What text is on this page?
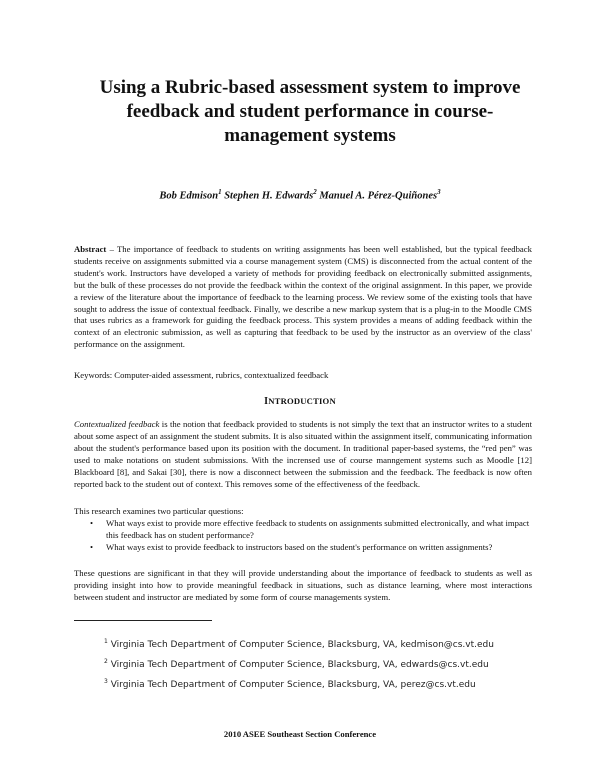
Using a Rubric-based assessment system to improve feedback and student performance in course-management systems
Bob Edmison$^1$ Stephen H. Edwards$^2$ Manuel A. Pérez-Quiñones$^3$
Abstract – The importance of feedback to students on writing assignments has been well established, but the typical feedback students receive on assignments submitted via a course management system (CMS) is disconnected from the actual content of the student's work. Instructors have developed a variety of methods for providing feedback on electronically submitted assignments, but the bulk of these processes do not provide the feedback within the context of the original assignment. In this paper, we provide a review of the literature about the importance of feedback to the learning process. We review some of the existing tools that have sought to address the issue of contextual feedback. Finally, we describe a new markup system that is a plug-in to the Moodle CMS that uses rubrics as a framework for guiding the feedback process. This system provides a means of adding feedback within the context of an electronic submission, as well as capturing that feedback to be used by the instructor as an overview of the class' performance on the assignment.
Keywords: Computer-aided assessment, rubrics, contextualized feedback
INTRODUCTION
Contextualized feedback is the notion that feedback provided to students is not simply the text that an instructor writes to a student about some aspect of an assignment the student submits. It is also situated within the assignment itself, communicating information about the student's performance based upon its position with the document. In traditional paper-based systems, the “red pen” was used to make notations on student submissions. With the incrensed use of course manngement systems such as Moodle [12] Blackboard [8], and Sakai [30], there is now a disconnect between the submission and the feedback. The feedback is now often reported back to the student out of context. This removes some of the effectiveness of the feedback.
This research examines two particular questions:
• What ways exist to provide more effective feedback to students on assignments submitted electronically, and what impact this feedback has on student performance?
• What ways exist to provide feedback to instructors based on the student's performance on written assignments?
These questions are significant in that they will provide understanding about the importance of feedback to students as well as providing insight into how to provide meaningful feedback in situations, such as distance learning, where most interactions between student and instructor are mediated by some form of course managements system.
$^1$ Virginia Tech Department of Computer Science, Blacksburg, VA, kedmison@cs.vt.edu
$^2$ Virginia Tech Department of Computer Science, Blacksburg, VA, edwards@cs.vt.edu
$^3$ Virginia Tech Department of Computer Science, Blacksburg, VA, perez@cs.vt.edu
2010 ASEE Southeast Section Conference
